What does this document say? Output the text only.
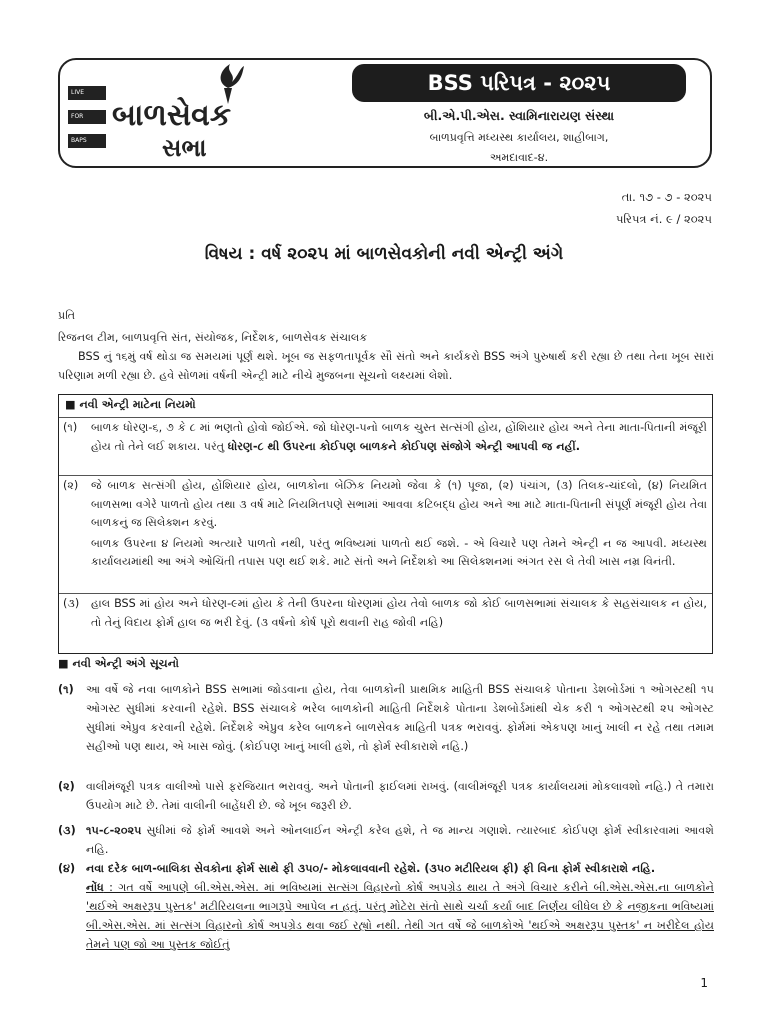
LIVE
FOR
BAPS
બાળસેવક
સભા
BSS પરિપત્ર - ૨૦૨૫
બી.એ.પી.એસ. સ્વામિનારાયણ સંસ્થા
બાળપ્રવૃત્તિ મધ્યસ્થ કાર્યાલય, શાહીબાગ,
અમદાવાદ-૪.
તા. ૧૭ - ૭ - ૨૦૨૫
પરિપત્ર નં. ૯ / ૨૦૨૫
વિષય : વર્ષ ૨૦૨૫ માં બાળસેવકોની નવી એન્ટ્રી અંગે
પ્રતિ
રિજનલ ટીમ, બાળપ્રવૃત્તિ સંત, સંયોજક, નિર્દેશક, બાળસેવક સંચાલક
BSS નું ૧૬મું વર્ષ થોડા જ સમયમાં પૂર્ણ થશે. ખૂબ જ સફળતાપૂર્વક સૌ સંતો અને કાર્યકરો BSS અંગે પુરુષાર્થ કરી રહ્યા છે તથા તેના ખૂબ સારાં પરિણામ મળી રહ્યા છે. હવે સોળમાં વર્ષની એન્ટ્રી માટે નીચે મુજબના સૂચનો લક્ષ્યમાં લેશો.
■ નવી એન્ટ્રી માટેના નિયમો
(૧)	બાળક ધોરણ-૬, ૭ કે ૮ માં ભણતો હોવો જોઈએ. જો ધોરણ-૫નો બાળક ચુસ્ત સત્સંગી હોય, હોંશિયાર હોય અને તેના માતા-પિતાની મંજૂરી હોય તો તેને લઈ શકાય. પરંતુ ધોરણ-૮ થી ઉપરના કોઈપણ બાળકને કોઈપણ સંજોગે એન્ટ્રી આપવી જ નહીં.
(૨)	જે બાળક સત્સંગી હોય, હોંશિયાર હોય, બાળકોના બેઝિક નિયમો જેવા કે (૧) પૂજા, (૨) પંચાંગ, (૩) તિલક-ચાંદલો, (૪) નિયમિત બાળસભા વગેરે પાળતો હોય તથા ૩ વર્ષ માટે નિયમિતપણે સભામાં આવવા કટિબદ્ધ હોય અને આ માટે માતા-પિતાની સંપૂર્ણ મંજૂરી હોય તેવા બાળકનું જ સિલેક્શન કરવું.
બાળક ઉપરના ૪ નિયમો અત્યારે પાળતો નથી, પરંતુ ભવિષ્યમાં પાળતો થઈ જશે. - એ વિચારે પણ તેમને એન્ટ્રી ન જ આપવી. મધ્યસ્થ કાર્યાલયમાંથી આ અંગે ઓચિંતી તપાસ પણ થઈ શકે. માટે સંતો અને નિર્દેશકો આ સિલેક્શનમાં અંગત રસ લે તેવી ખાસ નમ્ર વિનંતી.
(૩)	હાલ BSS માં હોય અને ધોરણ-૯માં હોય કે તેની ઉપરના ધોરણમાં હોય તેવો બાળક જો કોઈ બાળસભામાં સંચાલક કે સહસંચાલક ન હોય, તો તેનું વિદાય ફોર્મ હાલ જ ભરી દેવું. (૩ વર્ષનો કોર્ષ પૂરો થવાની રાહ જોવી નહિ)
■ નવી એન્ટ્રી અંગે સૂચનો
(૧)	આ વર્ષે જે નવા બાળકોને BSS સભામાં જોડવાના હોય, તેવા બાળકોની પ્રાથમિક માહિતી BSS સંચાલકે પોતાના ડેશબોર્ડમાં ૧ ઓગસ્ટથી ૧૫ ઓગસ્ટ સુધીમાં કરવાની રહેશે. BSS સંચાલકે ભરેલ બાળકોની માહિતી નિર્દેશકે પોતાના ડેશબોર્ડમાંથી ચેક કરી ૧ ઓગસ્ટથી ૨૫ ઓગસ્ટ સુધીમાં એપ્રુવ કરવાની રહેશે. નિર્દેશકે એપ્રુવ કરેલ બાળકને બાળસેવક માહિતી પત્રક ભરાવવું. ફોર્મમાં એકપણ ખાનું ખાલી ન રહે તથા તમામ સહીઓ પણ થાય, એ ખાસ જોવું. (કોઈપણ ખાનું ખાલી હશે, તો ફોર્મ સ્વીકારાશે નહિ.)
(૨)	વાલીમંજૂરી પત્રક વાલીઓ પાસે ફરજિયાત ભરાવવું. અને પોતાની ફાઈલમાં રાખવું. (વાલીમંજૂરી પત્રક કાર્યાલયમાં મોકલાવશો નહિ.) તે તમારા ઉપયોગ માટે છે. તેમાં વાલીની બાહેંધરી છે. જે ખૂબ જરૂરી છે.
(૩) ૧૫-૮-૨૦૨૫ સુધીમાં જે ફોર્મ આવશે અને ઓનલાઈન એન્ટ્રી કરેલ હશે, તે જ માન્ય ગણાશે. ત્યારબાદ કોઈપણ ફોર્મ સ્વીકારવામાં આવશે નહિ.
(૪) નવા દરેક બાળ-બાલિકા સેવકોના ફોર્મ સાથે ફી ૩૫૦/- મોકલાવવાની રહેશે. (૩૫૦ મટીરિયલ ફી) ફી વિના ફોર્મ સ્વીકારાશે નહિ.
નોંધ : ગત વર્ષે આપણે બી.એસ.એસ. માં ભવિષ્યમાં સત્સંગ વિહારનો કોર્ષ અપગ્રેડ થાય તે અંગે વિચાર કરીને બી.એસ.એસ.ના બાળકોને 'થઈએ અક્ષરરૂપ પુસ્તક' મટીરિયલના ભાગરૂપે આપેલ ન હતું. પરંતુ મોટેરા સંતો સાથે ચર્ચા કર્યા બાદ નિર્ણય લીધેલ છે કે નજીકના ભવિષ્યમાં બી.એસ.એસ. માં સત્સંગ વિહારનો કોર્ષ અપગ્રેડ થવા જઈ રહ્યો નથી. તેથી ગત વર્ષે જે બાળકોએ 'થઈએ અક્ષરરૂપ પુસ્તક' ન ખરીદેલ હોય તેમને પણ જો આ પુસ્તક જોઈતું
1
